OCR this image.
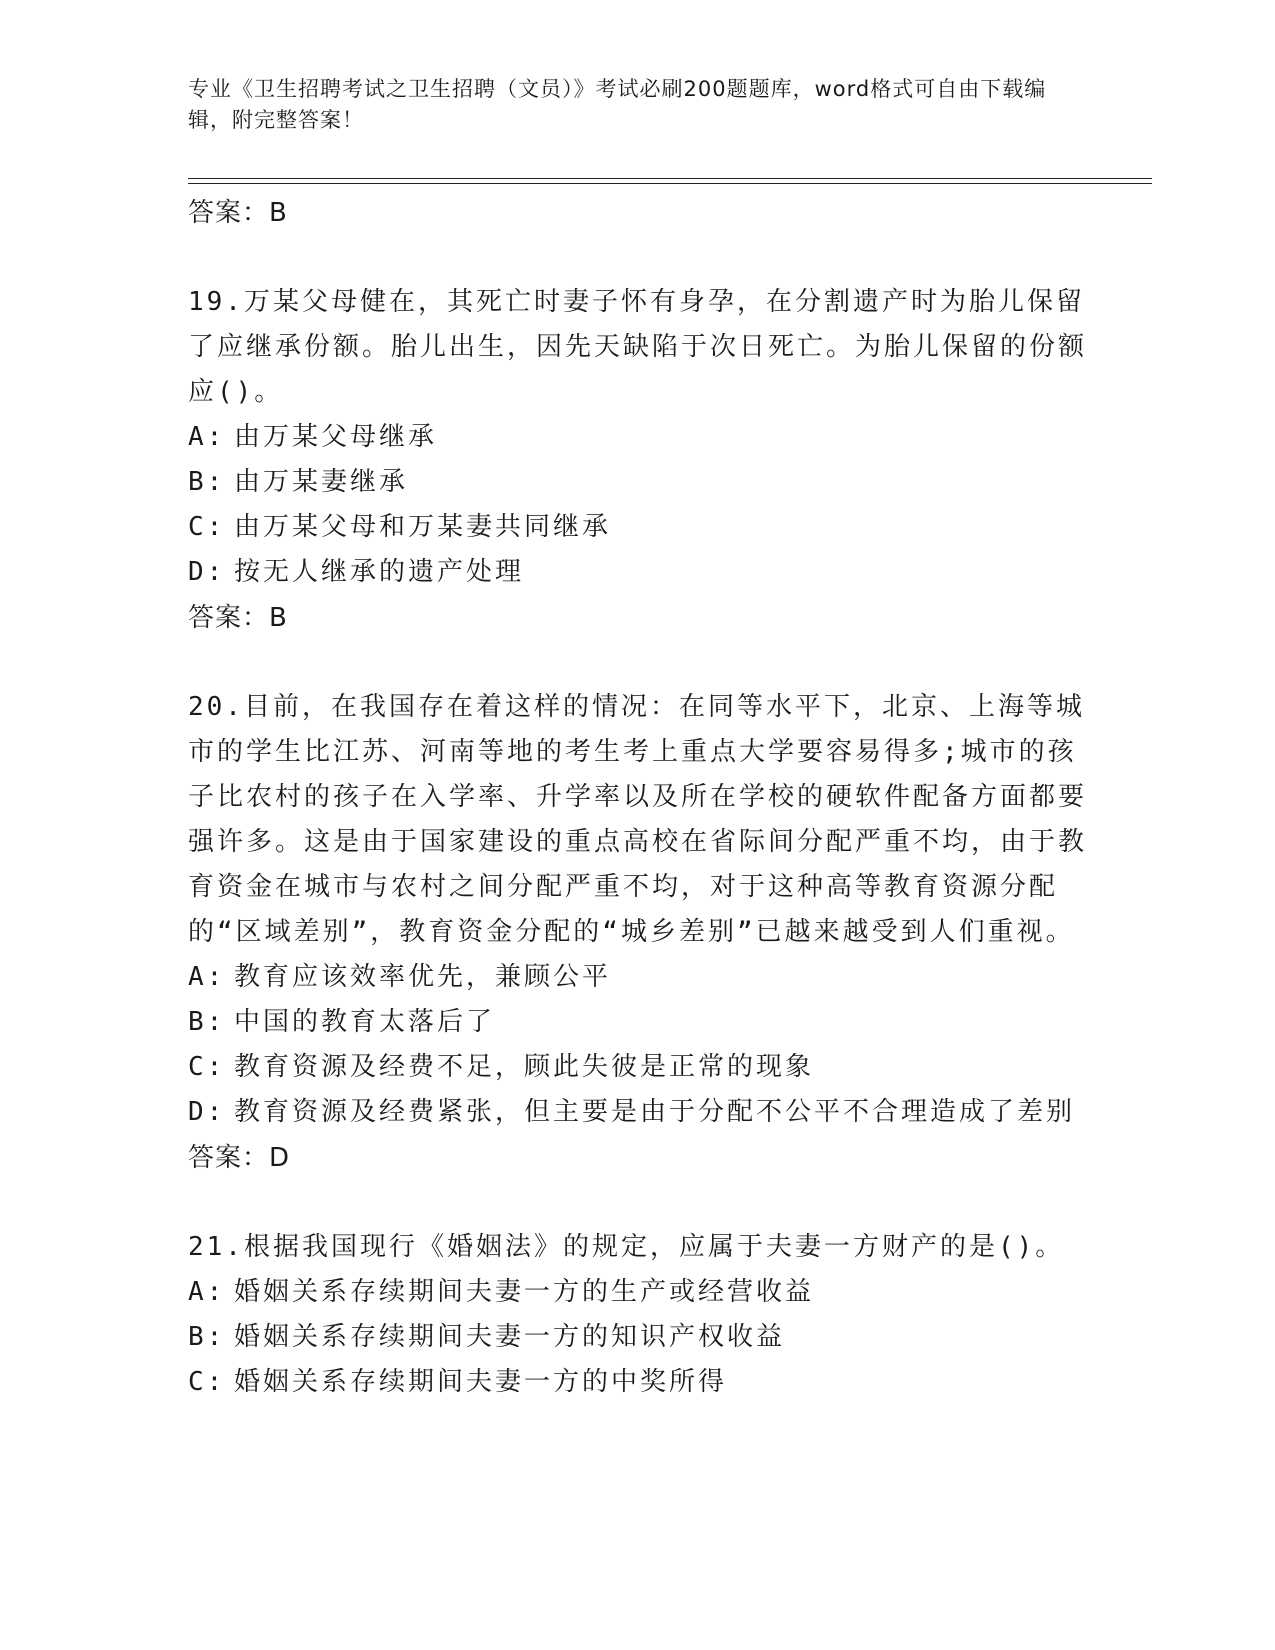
专业《卫生招聘考试之卫生招聘（文员）》考试必刷200题题库，word格式可自由下载编辑，附完整答案！

答案：B

19.万某父母健在，其死亡时妻子怀有身孕，在分割遗产时为胎儿保留了应继承份额。胎儿出生，因先天缺陷于次日死亡。为胎儿保留的份额应()。

A: 由万某父母继承

B: 由万某妻继承

C: 由万某父母和万某妻共同继承

D: 按无人继承的遗产处理

答案：B

20.目前，在我国存在着这样的情况：在同等水平下，北京、上海等城市的学生比江苏、河南等地的考生考上重点大学要容易得多;城市的孩子比农村的孩子在入学率、升学率以及所在学校的硬软件配备方面都要强许多。这是由于国家建设的重点高校在省际间分配严重不均，由于教育资金在城市与农村之间分配严重不均，对于这种高等教育资源分配的“区域差别”，教育资金分配的“城乡差别”已越来越受到人们重视。

A: 教育应该效率优先，兼顾公平

B: 中国的教育太落后了

C: 教育资源及经费不足，顾此失彼是正常的现象

D: 教育资源及经费紧张，但主要是由于分配不公平不合理造成了差别

答案：D

21.根据我国现行《婚姻法》的规定，应属于夫妻一方财产的是()。

A: 婚姻关系存续期间夫妻一方的生产或经营收益

B: 婚姻关系存续期间夫妻一方的知识产权收益

C: 婚姻关系存续期间夫妻一方的中奖所得
